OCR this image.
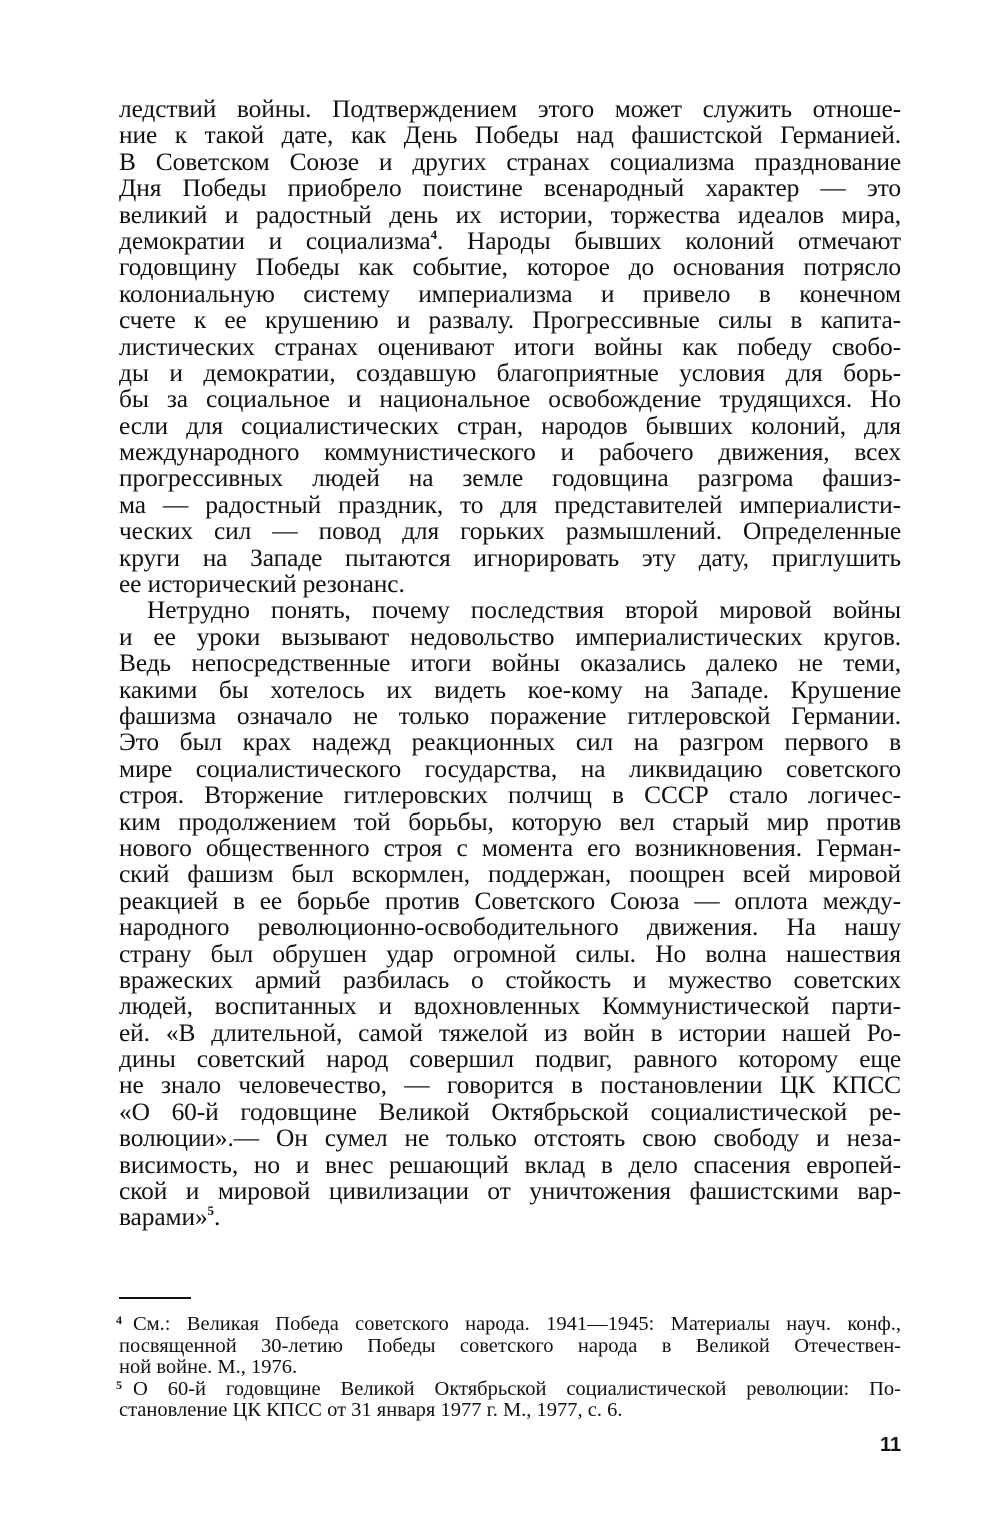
ледствий войны. Подтверждением этого может служить отноше-
ние к такой дате, как День Победы над фашистской Германией.
В Советском Союзе и других странах социализма празднование
Дня Победы приобрело поистине всенародный характер — это
великий и радостный день их истории, торжества идеалов мира,
демократии и социализма$^4$. Народы бывших колоний отмечают
годовщину Победы как событие, которое до основания потрясло
колониальную систему империализма и привело в конечном
счете к ее крушению и развалу. Прогрессивные силы в капита-
листических странах оценивают итоги войны как победу свобо-
ды и демократии, создавшую благоприятные условия для борь-
бы за социальное и национальное освобождение трудящихся. Но
если для социалистических стран, народов бывших колоний, для
международного коммунистического и рабочего движения, всех
прогрессивных людей на земле годовщина разгрома фашиз-
ма — радостный праздник, то для представителей империалисти-
ческих сил — повод для горьких размышлений. Определенные
круги на Западе пытаются игнорировать эту дату, приглушить
ее исторический резонанс.
Нетрудно понять, почему последствия второй мировой войны
и ее уроки вызывают недовольство империалистических кругов.
Ведь непосредственные итоги войны оказались далеко не теми,
какими бы хотелось их видеть кое-кому на Западе. Крушение
фашизма означало не только поражение гитлеровской Германии.
Это был крах надежд реакционных сил на разгром первого в
мире социалистического государства, на ликвидацию советского
строя. Вторжение гитлеровских полчищ в СССР стало логичес-
ким продолжением той борьбы, которую вел старый мир против
нового общественного строя с момента его возникновения. Герман-
ский фашизм был вскормлен, поддержан, поощрен всей мировой
реакцией в ее борьбе против Советского Союза — оплота между-
народного революционно-освободительного движения. На нашу
страну был обрушен удар огромной силы. Но волна нашествия
вражеских армий разбилась о стойкость и мужество советских
людей, воспитанных и вдохновленных Коммунистической парти-
ей. «В длительной, самой тяжелой из войн в истории нашей Ро-
дины советский народ совершил подвиг, равного которому еще
не знало человечество, — говорится в постановлении ЦК КПСС
«О 60-й годовщине Великой Октябрьской социалистической ре-
волюции».— Он сумел не только отстоять свою свободу и неза-
висимость, но и внес решающий вклад в дело спасения европей-
ской и мировой цивилизации от уничтожения фашистскими вар-
варами»$^5$.
4 См.: Великая Победа советского народа. 1941—1945: Материалы науч. конф.,
посвященной 30-летию Победы советского народа в Великой Отечествен-
ной войне. М., 1976.
5 О 60-й годовщине Великой Октябрьской социалистической революции: По-
становление ЦК КПСС от 31 января 1977 г. М., 1977, с. 6.
11
